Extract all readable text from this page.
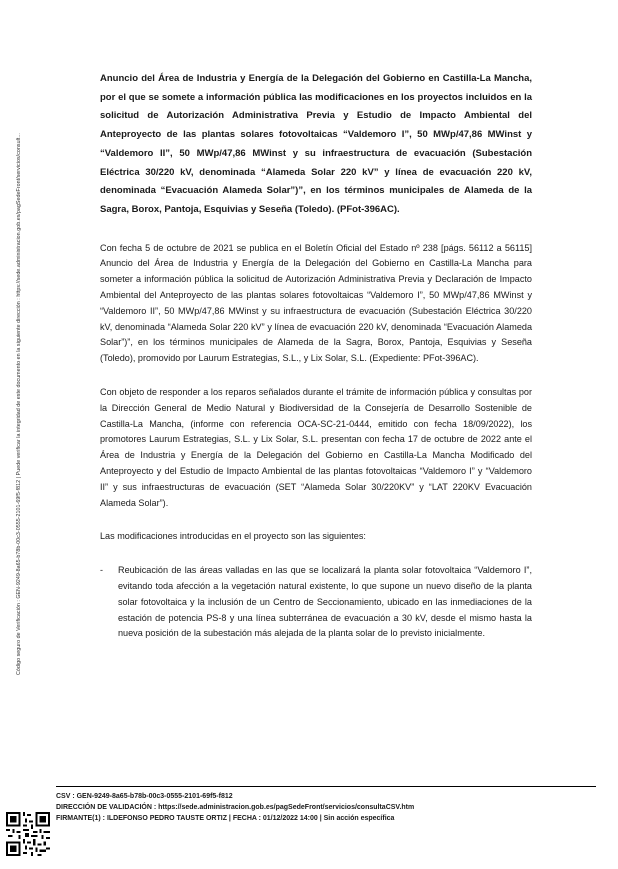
Código seguro de Verificación : GEN-9249-8a65-b78b-00c3-0555-2101-69f5-f812 | Puede verificar la integridad de este documento en la siguiente dirección : https://sede.administracion.gob.es/pagSedeFront/servicios/consult...

Anuncio del Área de Industria y Energía de la Delegación del Gobierno en Castilla-La Mancha, por el que se somete a información pública las modificaciones en los proyectos incluidos en la solicitud de Autorización Administrativa Previa y Estudio de Impacto Ambiental del Anteproyecto de las plantas solares fotovoltaicas “Valdemoro I”, 50 MWp/47,86 MWinst y “Valdemoro II”, 50 MWp/47,86 MWinst y su infraestructura de evacuación (Subestación Eléctrica 30/220 kV, denominada “Alameda Solar 220 kV” y línea de evacuación 220 kV, denominada “Evacuación Alameda Solar”)”, en los términos municipales de Alameda de la Sagra, Borox, Pantoja, Esquivias y Seseña (Toledo). (PFot-396AC).

Con fecha 5 de octubre de 2021 se publica en el Boletín Oficial del Estado nº 238 [págs. 56112 a 56115] Anuncio del Área de Industria y Energía de la Delegación del Gobierno en Castilla-La Mancha para someter a información pública la solicitud de Autorización Administrativa Previa y Declaración de Impacto Ambiental del Anteproyecto de las plantas solares fotovoltaicas “Valdemoro I”, 50 MWp/47,86 MWinst y “Valdemoro II”, 50 MWp/47,86 MWinst y su infraestructura de evacuación (Subestación Eléctrica 30/220 kV, denominada “Alameda Solar 220 kV” y línea de evacuación 220 kV, denominada “Evacuación Alameda Solar”)”, en los términos municipales de Alameda de la Sagra, Borox, Pantoja, Esquivias y Seseña (Toledo), promovido por Laurum Estrategias, S.L., y Lix Solar, S.L. (Expediente: PFot-396AC).

Con objeto de responder a los reparos señalados durante el trámite de información pública y consultas por la Dirección General de Medio Natural y Biodiversidad de la Consejería de Desarrollo Sostenible de Castilla-La Mancha, (informe con referencia OCA-SC-21-0444, emitido con fecha 18/09/2022), los promotores Laurum Estrategias, S.L. y Lix Solar, S.L. presentan con fecha 17 de octubre de 2022 ante el Área de Industria y Energía de la Delegación del Gobierno en Castilla-La Mancha Modificado del Anteproyecto y del Estudio de Impacto Ambiental de las plantas fotovoltaicas “Valdemoro I” y “Valdemoro II” y sus infraestructuras de evacuación (SET “Alameda Solar 30/220KV” y “LAT 220KV Evacuación Alameda Solar”).

Las modificaciones introducidas en el proyecto son las siguientes:

- Reubicación de las áreas valladas en las que se localizará la planta solar fotovoltaica “Valdemoro I”, evitando toda afección a la vegetación natural existente, lo que supone un nuevo diseño de la planta solar fotovoltaica y la inclusión de un Centro de Seccionamiento, ubicado en las inmediaciones de la estación de potencia PS-8 y una línea subterránea de evacuación a 30 kV, desde el mismo hasta la nueva posición de la subestación más alejada de la planta solar de lo previsto inicialmente.
CSV : GEN-9249-8a65-b78b-00c3-0555-2101-69f5-f812
DIRECCIÓN DE VALIDACIÓN : https://sede.administracion.gob.es/pagSedeFront/servicios/consultaCSV.htm
FIRMANTE(1) : ILDEFONSO PEDRO TAUSTE ORTIZ | FECHA : 01/12/2022 14:00 | Sin acción específica
